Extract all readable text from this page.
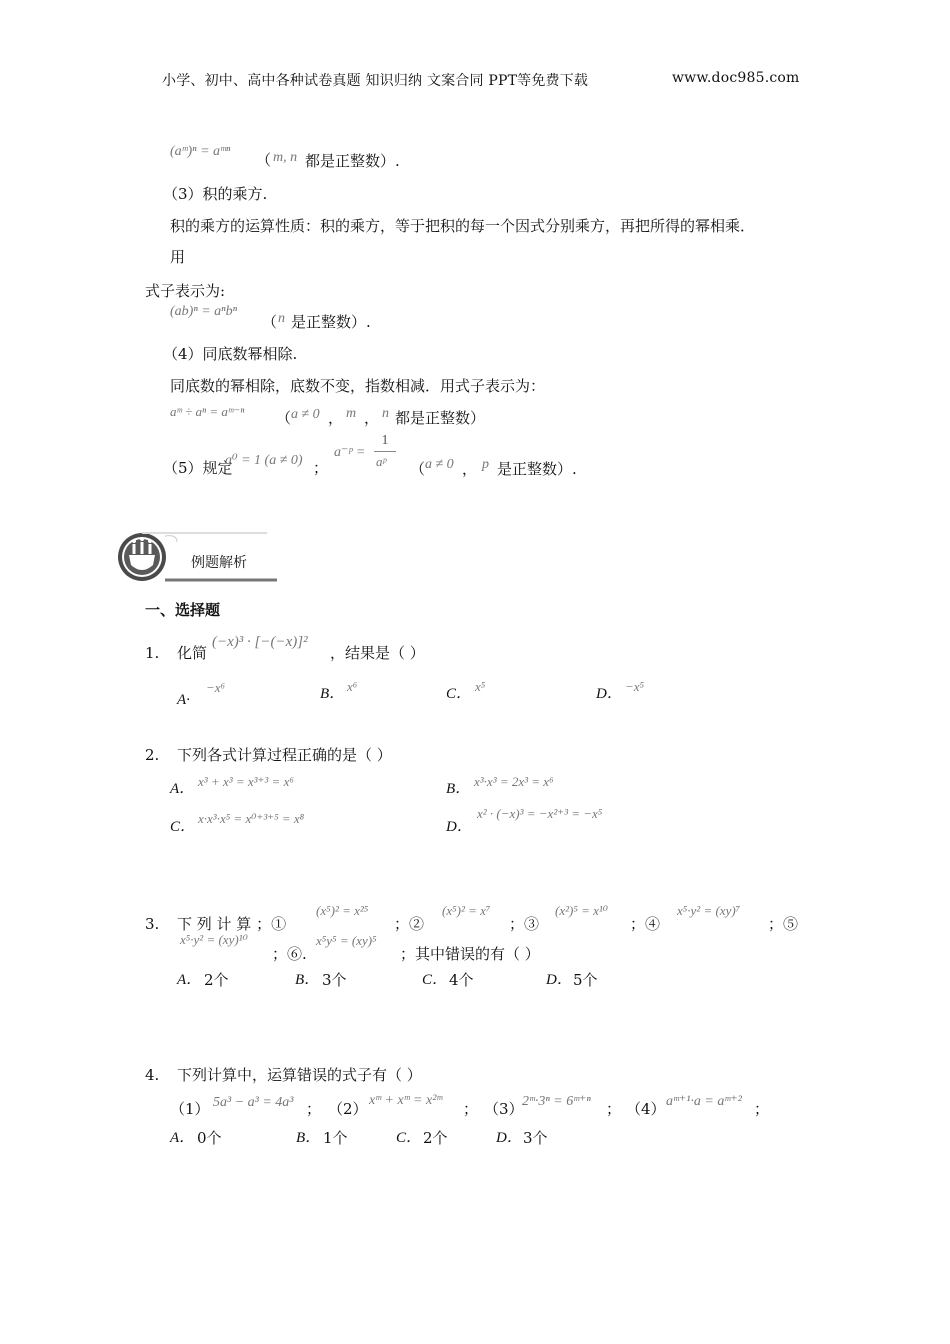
小学、初中、高中各种试卷真题 知识归纳 文案合同 PPT等免费下载	www.doc985.com
(aᵐ)ⁿ = aᵐⁿ （ m, n 都是正整数）.
（3）积的乘方.
积的乘方的运算性质：积的乘方，等于把积的每一个因式分别乘方，再把所得的幂相乘．
用
式子表示为:
(ab)ⁿ = aⁿbⁿ
（ n 是正整数）.
（4）同底数幂相除.
同底数的幂相除，底数不变，指数相减．用式子表示为：
aᵐ ÷ aⁿ = aᵐ⁻ⁿ （ a ≠ 0 ， m ， n 都是正整数）
（5）规定
a⁰ = 1 (a ≠ 0) ；
a⁻ᵖ =
1
aᵖ （ a ≠ 0 ， p 是正整数）.
例题解析
一、选择题
1. 化简
(−x)³ · [−(−x)]²
，结果是（ ）
A·
−x⁶	B． x⁶	C． x⁵	D． −x⁵
2. 下列各式计算过程正确的是（ ）
A． x³ + x³ = x³⁺³ = x⁶	B． x³·x³ = 2x³ = x⁶
C．
x·x³·x⁵ = x⁰⁺³⁺⁵ = x⁸
D．
x² · (−x)³ = −x²⁺³ = −x⁵
3. 下 列 计 算 ；①
(x⁵)² = x²⁵
；②
(x⁵)² = x⁷
；③
(x²)⁵ = x¹⁰
；④
x⁵·y² = (xy)⁷
；⑤
x⁵·y² = (xy)¹⁰
；⑥.
x⁵y⁵ = (xy)⁵
；其中错误的有（ ）
A． 2个	B． 3个	C． 4个	D． 5个
4. 下列计算中，运算错误的式子有（ ）
（1） 5a³ − a³ = 4a³ ； （2） xᵐ + xᵐ = x²ᵐ ； （3）
2ᵐ·3ⁿ = 6ᵐ⁺ⁿ ； （4） aᵐ⁺¹·a = aᵐ⁺² ；
A． 0个	B． 1个	C． 2个	D． 3个
